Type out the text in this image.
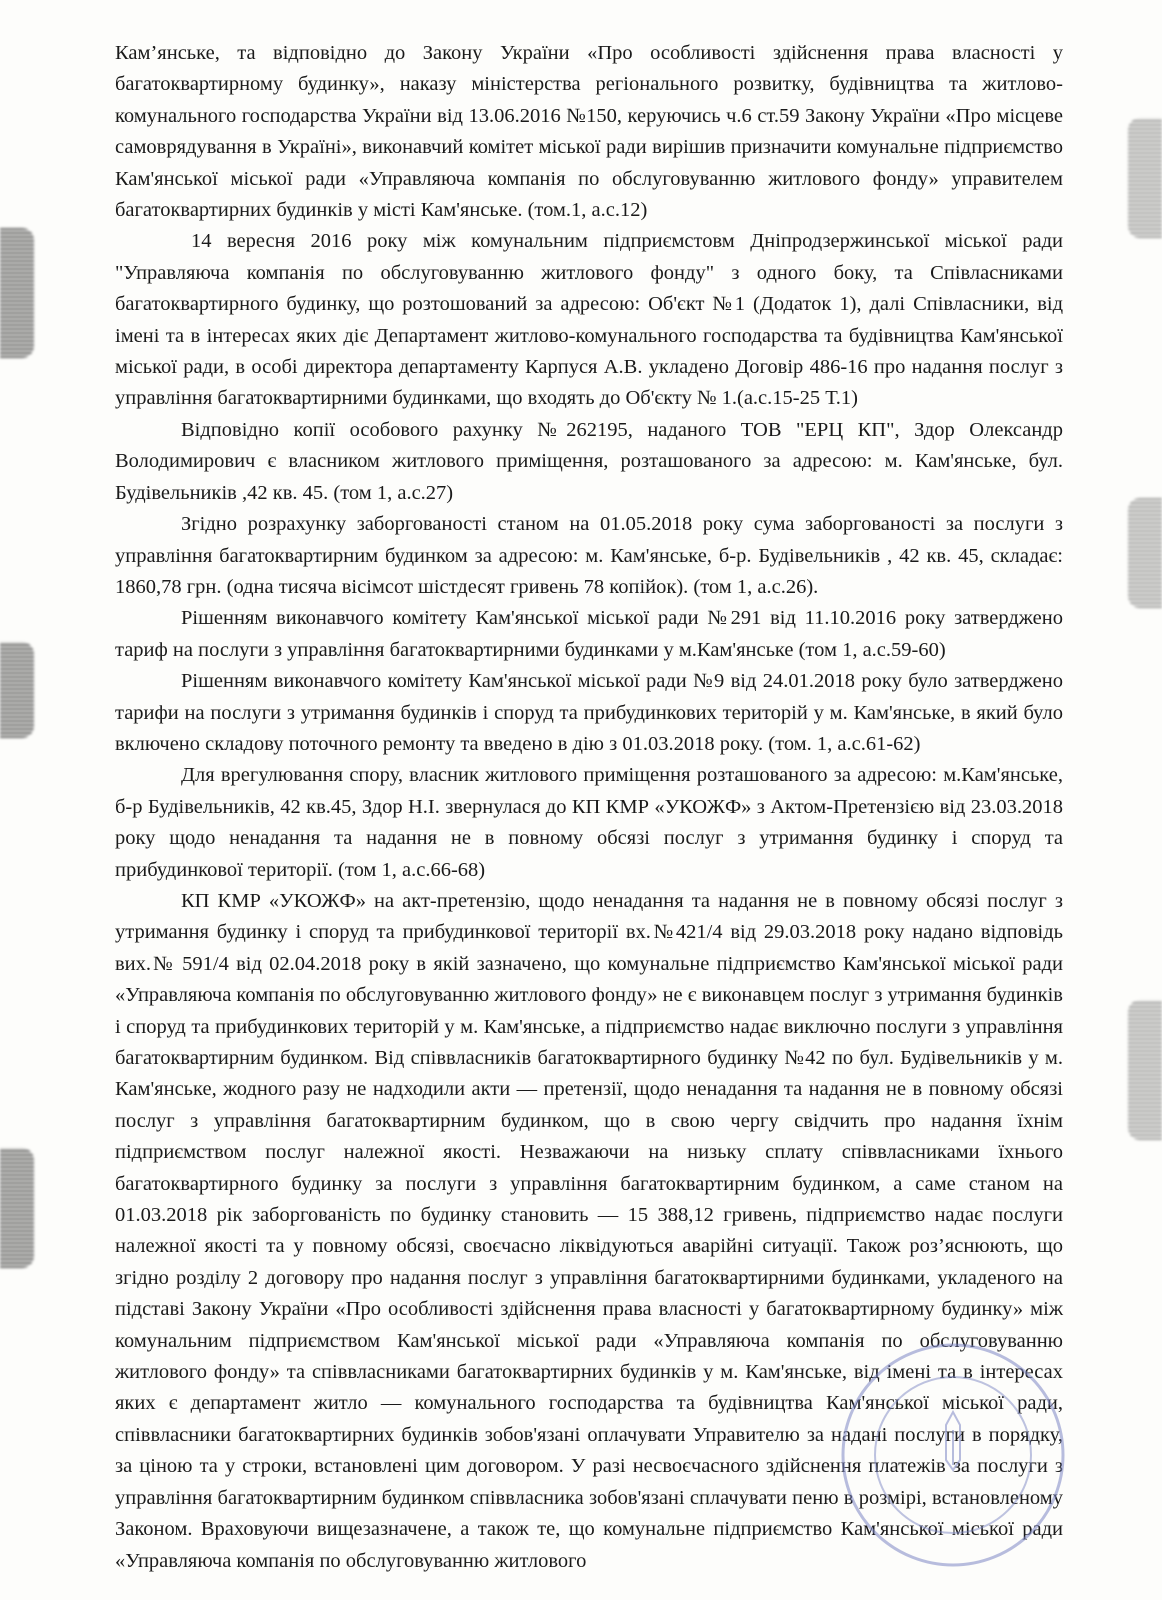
Кам’янське, та відповідно до Закону України «Про особливості здійснення права власності у багатоквартирному будинку», наказу міністерства регіонального розвитку, будівництва та житлово-комунального господарства України від 13.06.2016 №150, керуючись ч.6 ст.59 Закону України «Про місцеве самоврядування в Україні», виконавчий комітет міської ради вирішив призначити комунальне підприємство Кам'янської міської ради «Управляюча компанія по обслуговуванню житлового фонду» управителем багатоквартирних будинків у місті Кам'янське. (том.1, а.с.12)

14 вересня 2016 року між комунальним підприємстовм Дніпродзержинської міської ради "Управляюча компанія по обслуговуванню житлового фонду" з одного боку, та Співласниками багатоквартирного будинку, що розтошований за адресою: Об'єкт №1 (Додаток 1), далі Співласники, від імені та в інтересах яких діє Департамент житлово-комунального господарства та будівництва Кам'янської міської ради, в особі директора департаменту Карпуся А.В. укладено Договір 486-16 про надання послуг з управління багатоквартирними будинками, що входять до Об'єкту № 1.(а.с.15-25 Т.1)

Відповідно копії особового рахунку №262195, наданого ТОВ "ЕРЦ КП", Здор Олександр Володимирович є власником житлового приміщення, розташованого за адресою: м. Кам'янське, бул. Будівельників ,42 кв. 45. (том 1, а.с.27)

Згідно розрахунку заборгованості станом на 01.05.2018 року сума заборгованості за послуги з управління багатоквартирним будинком за адресою: м. Кам'янське, б-р. Будівельників , 42 кв. 45, складає: 1860,78 грн. (одна тисяча вісімсот шістдесят гривень 78 копійок). (том 1, а.с.26).

Рішенням виконавчого комітету Кам'янської міської ради №291 від 11.10.2016 року затверджено тариф на послуги з управління багатоквартирними будинками у м.Кам'янське (том 1, а.с.59-60)

Рішенням виконавчого комітету Кам'янської міської ради №9 від 24.01.2018 року було затверджено тарифи на послуги з утримання будинків і споруд та прибудинкових територій у м. Кам'янське, в який було включено складову поточного ремонту та введено в дію з 01.03.2018 року. (том. 1, а.с.61-62)

Для врегулювання спору, власник житлового приміщення розташованого за адресою: м.Кам'янське, б-р Будівельників, 42 кв.45, Здор Н.І. звернулася до КП КМР «УКОЖФ» з Актом-Претензією від 23.03.2018 року щодо ненадання та надання не в повному обсязі послуг з утримання будинку і споруд та прибудинкової території. (том 1, а.с.66-68)

КП КМР «УКОЖФ» на акт-претензію, щодо ненадання та надання не в повному обсязі послуг з утримання будинку і споруд та прибудинкової території вх.№421/4 від 29.03.2018 року надано відповідь вих.№ 591/4 від 02.04.2018 року в якій зазначено, що комунальне підприємство Кам'янської міської ради «Управляюча компанія по обслуговуванню житлового фонду» не є виконавцем послуг з утримання будинків і споруд та прибудинкових територій у м. Кам'янське, а підприємство надає виключно послуги з управління багатоквартирним будинком. Від співвласників багатоквартирного будинку №42 по бул. Будівельників у м. Кам'янське, жодного разу не надходили акти — претензії, щодо ненадання та надання не в повному обсязі послуг з управління багатоквартирним будинком, що в свою чергу свідчить про надання їхнім підприємством послуг належної якості. Незважаючи на низьку сплату співвласниками їхнього багатоквартирного будинку за послуги з управління багатоквартирним будинком, а саме станом на 01.03.2018 рік заборгованість по будинку становить — 15 388,12 гривень, підприємство надає послуги належної якості та у повному обсязі, своєчасно ліквідуються аварійні ситуації. Також роз’яснюють, що згідно розділу 2 договору про надання послуг з управління багатоквартирними будинками, укладеного на підставі Закону України «Про особливості здійснення права власності у багатоквартирному будинку» між комунальним підприємством Кам'янської міської ради «Управляюча компанія по обслуговуванню житлового фонду» та співвласниками багатоквартирних будинків у м. Кам'янське, від імені та в інтересах яких є департамент житло — комунального господарства та будівництва Кам'янської міської ради, співвласники багатоквартирних будинків зобов'язані оплачувати Управителю за надані послуги в порядку, за ціною та у строки, встановлені цим договором. У разі несвоєчасного здійснення платежів за послуги з управління багатоквартирним будинком співвласника зобов'язані сплачувати пеню в розмірі, встановленому Законом. Враховуючи вищезазначене, а також те, що комунальне підприємство Кам'янської міської ради «Управляюча компанія по обслуговуванню житлового
